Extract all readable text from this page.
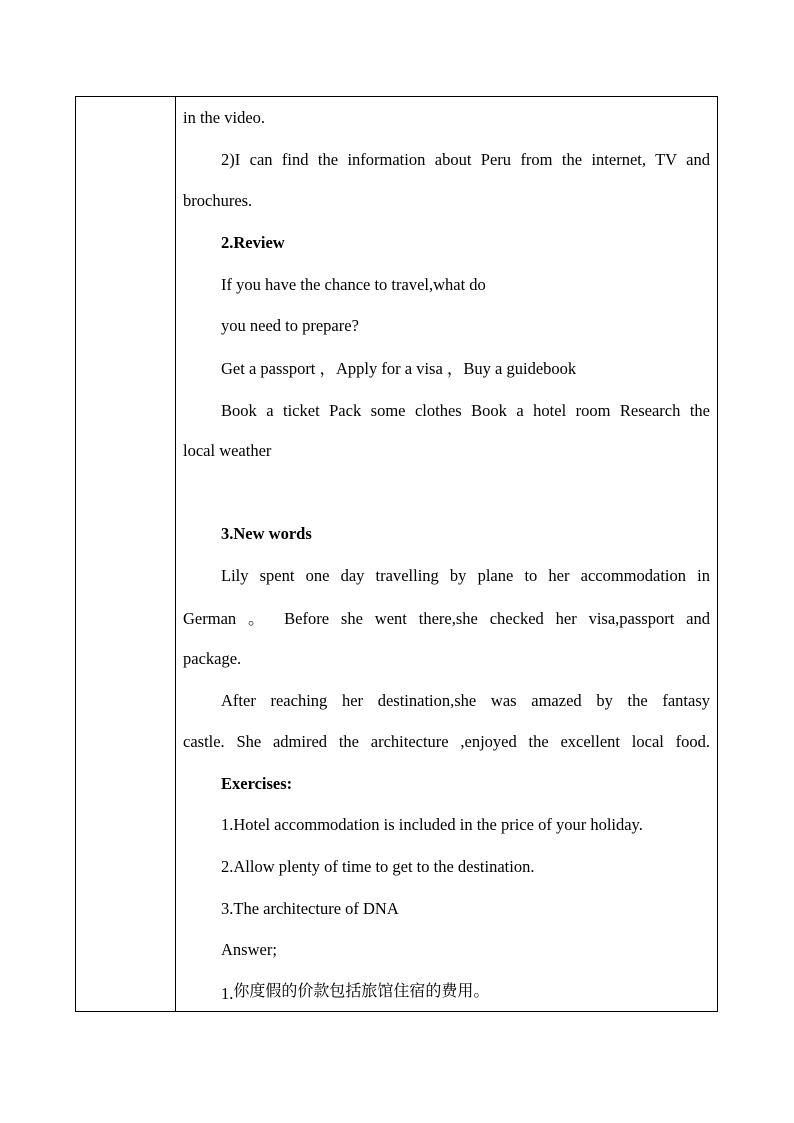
in the video.
2)I can find the information about Peru from the internet, TV and
brochures.
2.Review
If you have the chance to travel,what do
you need to prepare?
Get a passport ，Apply for a visa ，Buy a guidebook
Book a ticket Pack some clothes Book a hotel room Research the
local weather
3.New words
Lily spent one day travelling by plane to her accommodation in
German 。 Before she went there,she checked her visa,passport and
package.
After reaching her destination,she was amazed by the fantasy
castle. She admired the architecture ,enjoyed the excellent local food.
Exercises:
1.Hotel accommodation is included in the price of your holiday.
2.Allow plenty of time to get to the destination.
3.The architecture of DNA
Answer;
1.你度假的价款包括旅馆住宿的费用。
